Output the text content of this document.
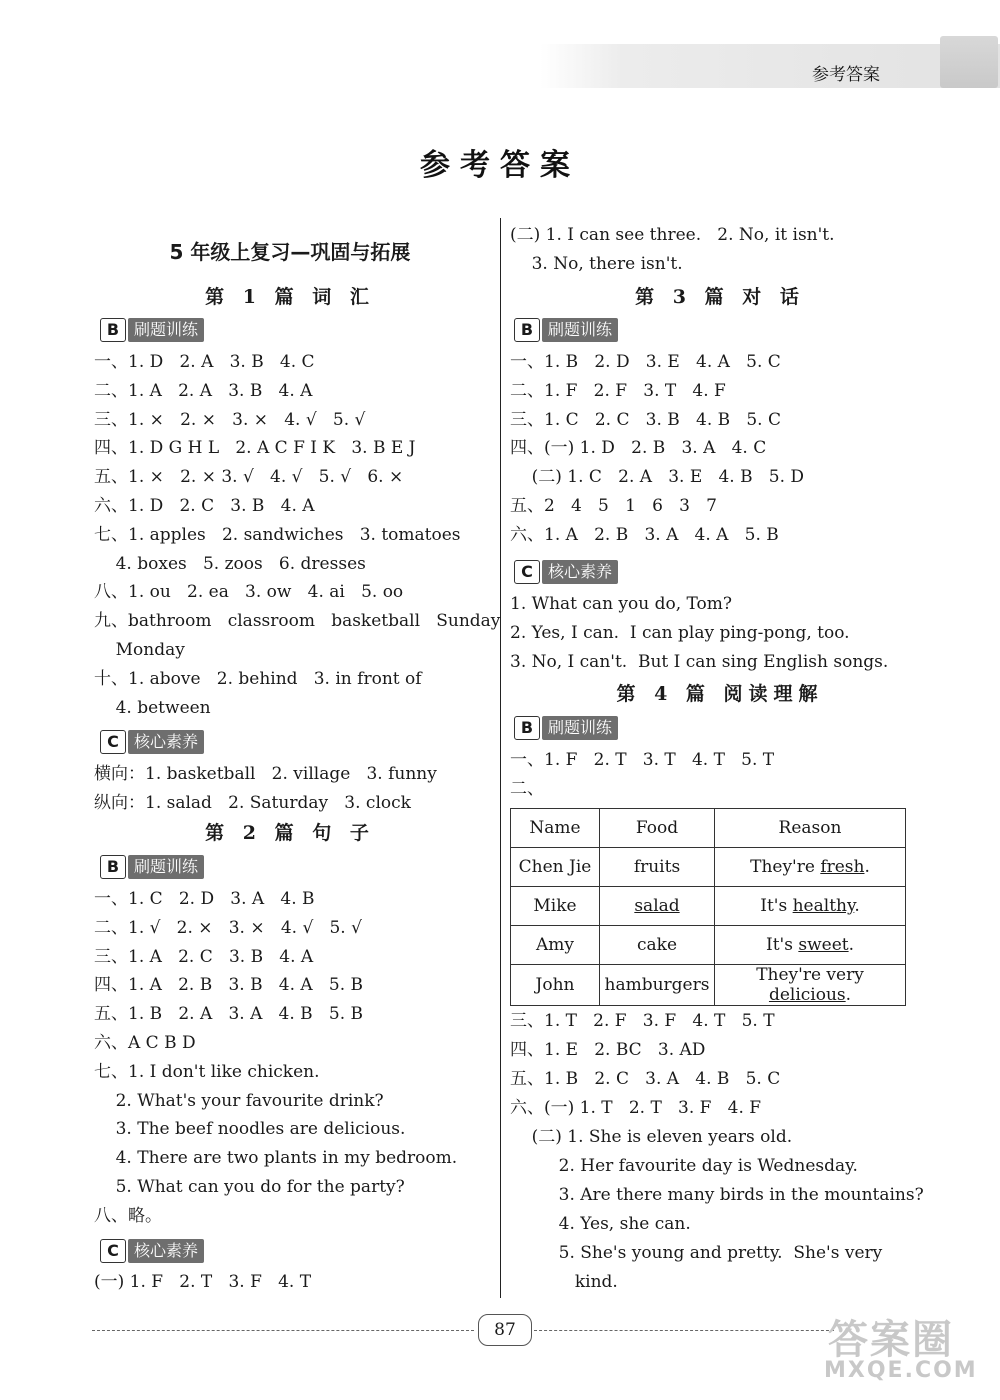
参考答案
参考答案
5 年级上复习—巩固与拓展
第 1 篇 词 汇
B 刷题训练
一、1. D   2. A   3. B   4. C
二、1. A   2. A   3. B   4. A
三、1. ×   2. ×   3. ×   4. √   5. √
四、1. D G H L   2. A C F I K   3. B E J
五、1. ×   2. × 3. √   4. √   5. √   6. ×
六、1. D   2. C   3. B   4. A
七、1. apples   2. sandwiches   3. tomatoes
4. boxes   5. zoos   6. dresses
八、1. ou   2. ea   3. ow   4. ai   5. oo
九、bathroom   classroom   basketball   Sunday
Monday
十、1. above   2. behind   3. in front of
4. between
C 核心素养
横向：1. basketball   2. village   3. funny
纵向：1. salad   2. Saturday   3. clock
第 2 篇 句 子
B 刷题训练
一、1. C   2. D   3. A   4. B
二、1. √   2. ×   3. ×   4. √   5. √
三、1. A   2. C   3. B   4. A
四、1. A   2. B   3. B   4. A   5. B
五、1. B   2. A   3. A   4. B   5. B
六、A C B D
七、1. I don't like chicken.
2. What's your favourite drink?
3. The beef noodles are delicious.
4. There are two plants in my bedroom.
5. What can you do for the party?
八、略。
C 核心素养
(一) 1. F   2. T   3. F   4. T
(二) 1. I can see three.   2. No, it isn't.
3. No, there isn't.
第 3 篇 对 话
B 刷题训练
一、1. B   2. D   3. E   4. A   5. C
二、1. F   2. F   3. T   4. F
三、1. C   2. C   3. B   4. B   5. C
四、(一) 1. D   2. B   3. A   4. C
(二) 1. C   2. A   3. E   4. B   5. D
五、2   4   5   1   6   3   7
六、1. A   2. B   3. A   4. A   5. B
C 核心素养
1. What can you do, Tom?
2. Yes, I can.  I can play ping-pong, too.
3. No, I can't.  But I can sing English songs.
第 4 篇 阅读理解
B 刷题训练
一、1. F   2. T   3. T   4. T   5. T
二、
Name	Food	Reason
Chen Jie	fruits	They're fresh.
Mike	salad	It's healthy.
Amy	cake	It's sweet.
John	hamburgers	They're very delicious.
三、1. T   2. F   3. F   4. T   5. T
四、1. E   2. BC   3. AD
五、1. B   2. C   3. A   4. B   5. C
六、(一) 1. T   2. T   3. F   4. F
(二) 1. She is eleven years old.
2. Her favourite day is Wednesday.
3. Are there many birds in the mountains?
4. Yes, she can.
5. She's young and pretty.  She's very
kind.
87	答案圈
MXQE.COM
